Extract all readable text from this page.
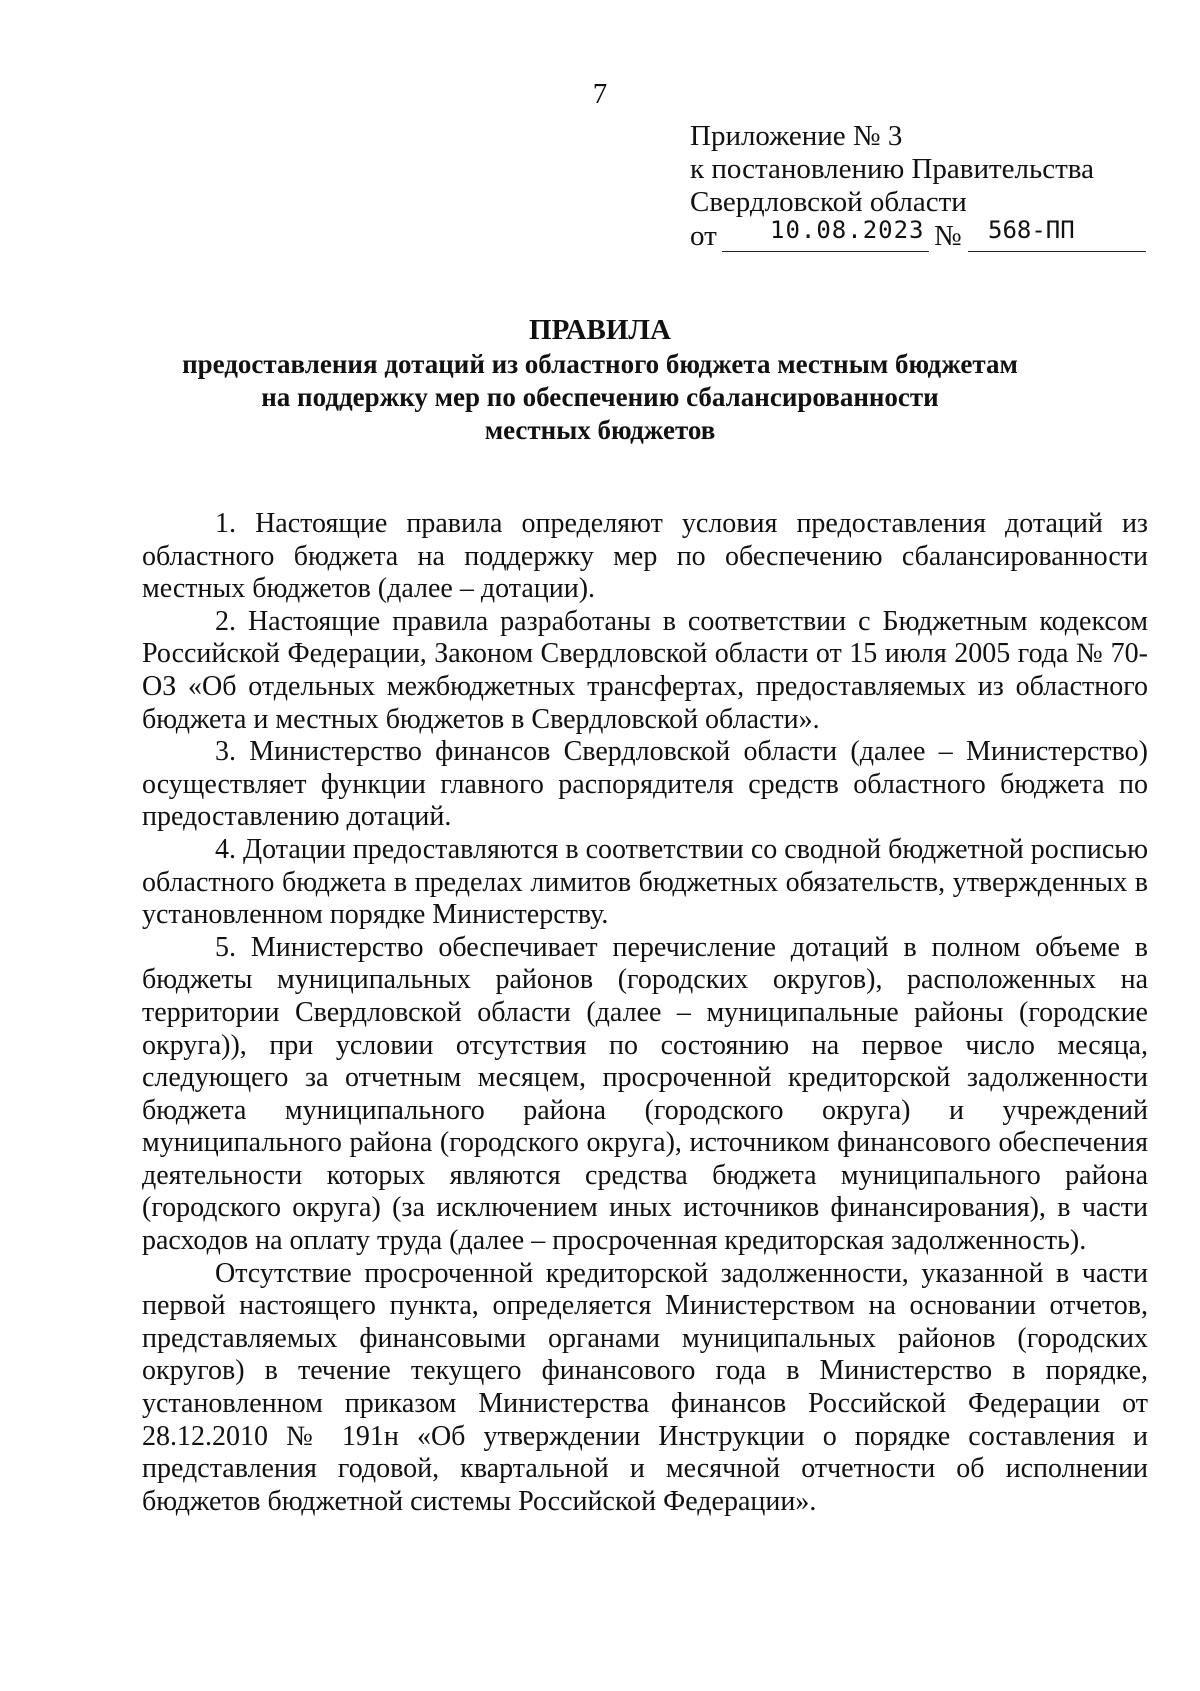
7
Приложение № 3
к постановлению Правительства
Свердловской области
от 10.08.2023 № 568-ПП
ПРАВИЛА
предоставления дотаций из областного бюджета местным бюджетам
на поддержку мер по обеспечению сбалансированности
местных бюджетов

1. Настоящие правила определяют условия предоставления дотаций из областного бюджета на поддержку мер по обеспечению сбалансированности местных бюджетов (далее – дотации).

2. Настоящие правила разработаны в соответствии с Бюджетным кодексом Российской Федерации, Законом Свердловской области от 15 июля 2005 года № 70-ОЗ «Об отдельных межбюджетных трансфертах, предоставляемых из областного бюджета и местных бюджетов в Свердловской области».

3. Министерство финансов Свердловской области (далее – Министерство) осуществляет функции главного распорядителя средств областного бюджета по предоставлению дотаций.

4. Дотации предоставляются в соответствии со сводной бюджетной росписью областного бюджета в пределах лимитов бюджетных обязательств, утвержденных в установленном порядке Министерству.

5. Министерство обеспечивает перечисление дотаций в полном объеме в бюджеты муниципальных районов (городских округов), расположенных на территории Свердловской области (далее – муниципальные районы (городские округа)), при условии отсутствия по состоянию на первое число месяца, следующего за отчетным месяцем, просроченной кредиторской задолженности бюджета муниципального района (городского округа) и учреждений муниципального района (городского округа), источником финансового обеспечения деятельности которых являются средства бюджета муниципального района (городского округа) (за исключением иных источников финансирования), в части расходов на оплату труда (далее – просроченная кредиторская задолженность).

Отсутствие просроченной кредиторской задолженности, указанной в части первой настоящего пункта, определяется Министерством на основании отчетов, представляемых финансовыми органами муниципальных районов (городских округов) в течение текущего финансового года в Министерство в порядке, установленном приказом Министерства финансов Российской Федерации от 28.12.2010 № 191н «Об утверждении Инструкции о порядке составления и представления годовой, квартальной и месячной отчетности об исполнении бюджетов бюджетной системы Российской Федерации».
